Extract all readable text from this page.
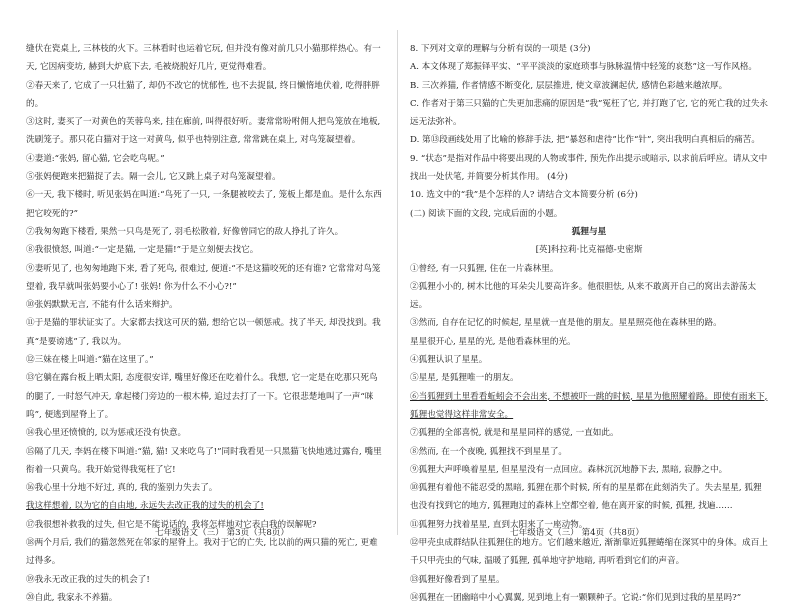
缝伏在瓷桌上, 三林枝的火下。三林看时也运着它玩, 但并没有像对前几只小猫那样热心。有一

天, 它因病变坊, 赫到大炉底下去, 毛被烧脱好几片, 更觉得难看。

②春天来了, 它成了一只壮猫了, 却仍不改它的忧郁性, 也不去捉鼠, 终日懒惰地伏着, 吃得胖胖的。

③这时, 妻买了一对黄色的芙蓉鸟来, 挂在廊前, 叫得很好听。妻常常吩咐佣人把鸟笼放在地板, 洗刷笼子。那只花白猫对于这一对黄鸟, 似乎也特别注意, 常常跳在桌上, 对鸟笼凝望着。

④妻道:“张妈, 留心猫, 它会吃鸟呢。”

⑤张妈便跑来把猫捉了去。隔一会儿, 它又跳上桌子对鸟笼凝望着。

⑥一天, 我下楼时, 听见张妈在叫道:“鸟死了一只, 一条腿被咬去了, 笼板上都是血。是什么东西把它咬死的?”

⑦我匆匆跑下楼看, 果然一只鸟是死了, 羽毛松散着, 好像曾同它的敌人挣扎了许久。

⑧我很愤怒, 叫道:“一定是猫, 一定是猫!”于是立刻便去找它。

⑨妻听见了, 也匆匆地跑下来, 看了死鸟, 很难过, 便道:“不是这猫咬死的还有谁? 它常常对鸟笼望着, 我早就叫张妈要小心了! 张妈! 你为什么不小心?!”

⑩张妈默默无言, 不能有什么话来辩护。

⑪于是猫的罪状证实了。大家都去找这可厌的猫, 想给它以一顿惩戒。找了半天, 却没找到。我真“是要谤逃”了, 我以为。

⑫三妹在楼上叫道:“猫在这里了。”

⑬它躺在露台板上晒太阳, 态度很安详, 嘴里好像还在吃着什么。我想, 它一定是在吃那只死鸟的腿了, 一时怒气冲天, 拿起楼门旁边的一根木棒, 追过去打了一下。它很悲楚地叫了一声“咪呜”, 便逃到屋脊上了。

⑭我心里还愤愤的, 以为惩戒还没有快意。

⑮隔了几天, 李妈在楼下叫道:“猫, 猫! 又来吃鸟了!”同时我看见一只黑猫飞快地逃过露台, 嘴里衔着一只黄鸟。我开始觉得我冤枉了它!

⑯我心里十分地不好过, 真的, 我的鉴别力失去了。

我这样想着, 以为它的自由地, 永远失去改正我的过失的机会了!

⑰我很想补救我的过失, 但它是不能说话的, 我将怎样地对它表白我的误解呢?

⑱两个月后, 我们的猫忽然死在邻家的屋脊上。我对于它的亡失, 比以前的两只猫的死亡, 更难过得多。

⑲我永无改正我的过失的机会了!

⑳自此, 我家永不养猫。

8. 下列对文章的理解与分析有误的一项是 (3分)

A. 本文体现了郑振铎平实、“平平淡淡的家庭琐事与脉脉温情中轻笼的哀愁”这一写作风格。

B. 三次养猫, 作者情感不断变化, 层层推进, 使文章波澜起伏, 感情色彩越来越浓厚。

C. 作者对于第三只猫的亡失更加悲痛的原因是“我”冤枉了它, 并打跑了它, 它的死亡我的过失永远无法弥补。

D. 第⑬段画线处用了比喻的修辞手法, 把“暴怒和虐待”比作“针”, 突出我明白真相后的痛苦。

9. “状态”是指对作品中将要出现的人物或事件, 预先作出提示或暗示, 以求前后呼应。请从文中找出一处伏笔, 并简要分析其作用。 (4分)

10. 选文中的“我”是个怎样的人? 请结合文本简要分析 (6分)

(二) 阅读下面的文段, 完成后面的小题。

狐狸与星

[英]科拉莉·比克福德-史密斯

①曾经, 有一只狐狸, 住在一片森林里。

②狐狸小小的, 树木比他的耳朵尖儿要高许多。他很胆怯, 从来不敢离开自己的窝出去游荡太远。

③然而, 自存在记忆的时候起, 星星就一直是他的朋友。星星照亮他在森林里的路。

星星很开心, 星星的光, 是他看森林里的光。

④狐狸认识了星星。

⑤星星, 是狐狸唯一的朋友。

⑥当狐狸到土里看看蚯蚓会不会出来, 不想被吓一跳的时候, 星星为他照耀着路。即使有雨来下, 狐狸也觉得这样非常安全。

⑦狐狸的全部喜悦, 就是和星星同样的感觉, 一直如此。

⑧然而, 在一个夜晚, 狐狸找不到星星了。

⑨狐狸大声呼唤着星星, 但星星没有一点回应。森林沉沉地静下去, 黑暗, 寂静之中。

⑩狐狸有着他不能忍受的黑暗, 狐狸在那个时候, 所有的星星都在此刻消失了。失去星星, 狐狸也没有找到它的地方, 狐狸跑过的森林上空都空着, 他在离开家的时候, 孤狸, 找遍……

⑪狐狸努力找着星星, 直到太阳来了一座动物。

⑫甲壳虫成群结队往狐狸住的地方。它们越来越近, 渐渐靠近狐狸蜷缩在深冥中的身体。成百上千只甲壳虫的气味, 温暖了狐狸, 孤单地守护地暗, 再听看到它们的声音。

⑬狐狸好像看到了星星。

⑭狐狸在一团幽暗中小心翼翼, 见到地上有一颗颗种子。它说:“你们见到过我的星星吗?”

七年级语文（三） 第3页（共8页）	七年级语文（三） 第4页（共8页）
